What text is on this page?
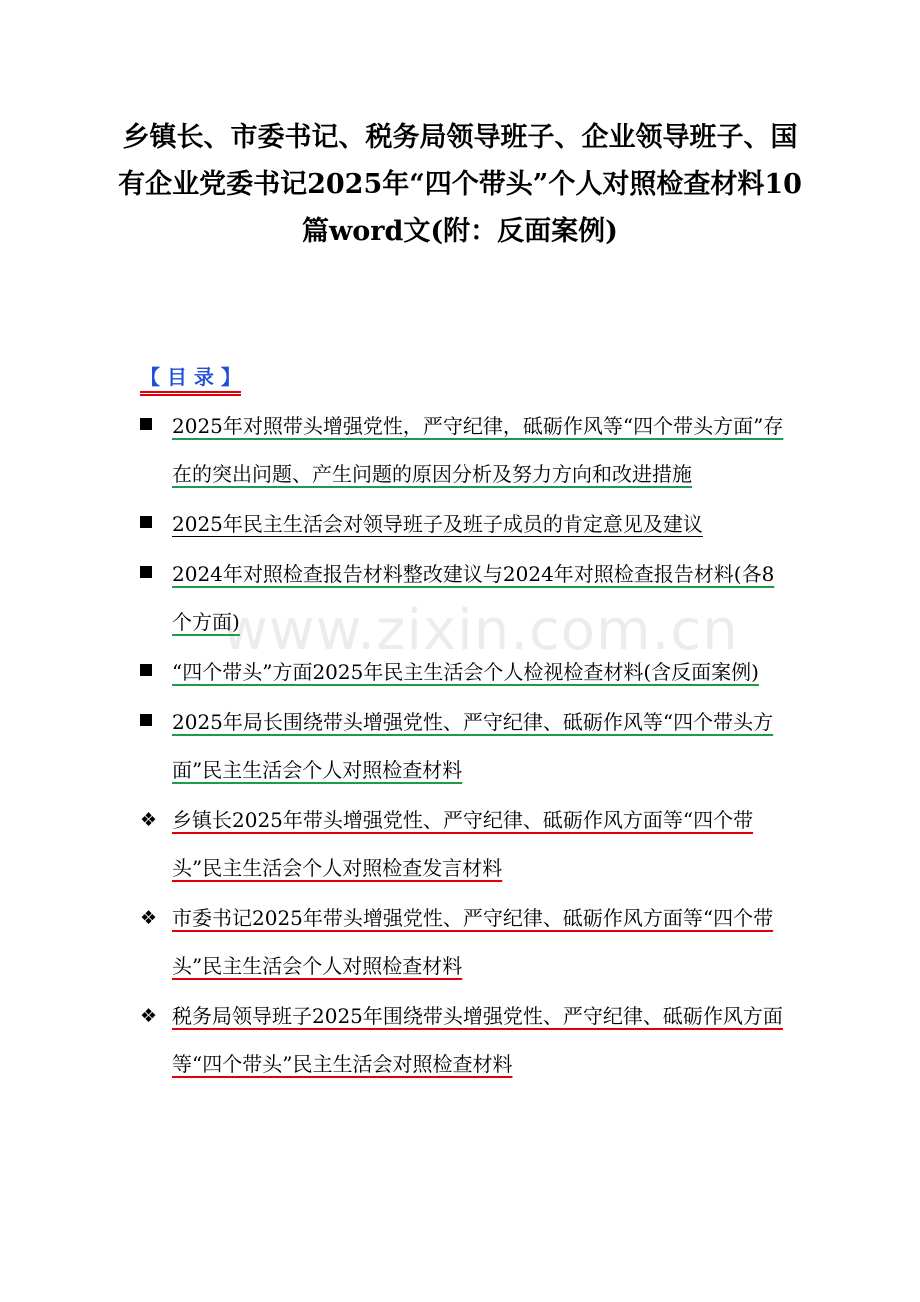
乡镇长、市委书记、税务局领导班子、企业领导班子、国有企业党委书记2025年“四个带头”个人对照检查材料10篇word文(附：反面案例)
www.zixin.com.cn
【 目 录 】
2025年对照带头增强党性，严守纪律，砥砺作风等“四个带头方面”存在的突出问题、产生问题的原因分析及努力方向和改进措施
2025年民主生活会对领导班子及班子成员的肯定意见及建议
2024年对照检查报告材料整改建议与2024年对照检查报告材料(各8个方面)
“四个带头”方面2025年民主生活会个人检视检查材料(含反面案例)
2025年局长围绕带头增强党性、严守纪律、砥砺作风等“四个带头方面”民主生活会个人对照检查材料
❖ 乡镇长2025年带头增强党性、严守纪律、砥砺作风方面等“四个带头”民主生活会个人对照检查发言材料
❖ 市委书记2025年带头增强党性、严守纪律、砥砺作风方面等“四个带头”民主生活会个人对照检查材料
❖ 税务局领导班子2025年围绕带头增强党性、严守纪律、砥砺作风方面等“四个带头”民主生活会对照检查材料
